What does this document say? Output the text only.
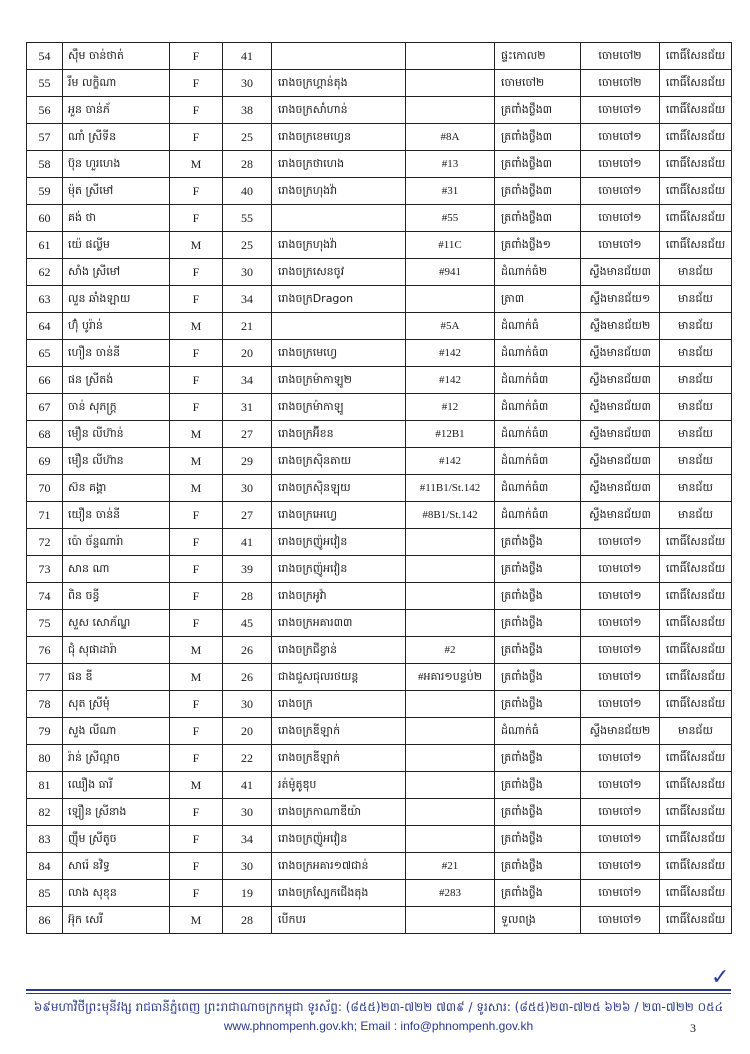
54	ស៊ឹម ចាន់ថាត់	F	41			ផ្ទះកោល២	ចោមចៅ២	ពោធិ៍សែនជ័យ
55	រឹម លក្ខិណា	F	30	រោងចក្រហ្គាន់តុង		ចោមចៅ២	ចោមចៅ២	ពោធិ៍សែនជ័យ
56	អួន ចាន់ភ័	F	38	រោងចក្រសាំហាន់		ត្រពាំងថ្លឹង៣	ចោមចៅ១	ពោធិ៍សែនជ័យ
57	ណាំ ស្រីទីន	F	25	រោងចក្រខេមហ្វេន	#8A	ត្រពាំងថ្លឹង៣	ចោមចៅ១	ពោធិ៍សែនជ័យ
58	ប៊ុន ហួរហេង	M	28	រោងចក្រថាហេង	#13	ត្រពាំងថ្លឹង៣	ចោមចៅ១	ពោធិ៍សែនជ័យ
59	ម៉ុត ស្រីមៅ	F	40	រោងចក្រហុងវ៉ា	#31	ត្រពាំងថ្លឹង៣	ចោមចៅ១	ពោធិ៍សែនជ័យ
60	គង់ ថា	F	55		#55	ត្រពាំងថ្លឹង៣	ចោមចៅ១	ពោធិ៍សែនជ័យ
61	យ៉េ ផល្លីម	M	25	រោងចក្រហុងវ៉ា	#11C	ត្រពាំងថ្លឹង១	ចោមចៅ១	ពោធិ៍សែនជ័យ
62	សាំង ស្រីមៅ	F	30	រោងចក្រសេនចូវ	#941	ដំណាក់ធំ២	ស្ទឹងមានជ័យ៣	មានជ័យ
63	លួន ឆាំងឡាយ	F	34	រោងចក្រDragon		ត្រា៣	ស្ទឹងមានជ័យ១	មានជ័យ
64	ហ៊ុំ បូរ៉ាន់	M	21		#5A	ដំណាក់ធំ	ស្ទឹងមានជ័យ២	មានជ័យ
65	ហឿន ចាន់នី	F	20	រោងចក្រមេហ្វេ	#142	ដំណាក់ធំ៣	ស្ទឹងមានជ័យ៣	មានជ័យ
66	ផន ស្រីតង់	F	34	រោងចក្រម៉ាកាឡូ២	#142	ដំណាក់ធំ៣	ស្ទឹងមានជ័យ៣	មានជ័យ
67	ចាន់ សុភក្ត្រ	F	31	រោងចក្រម៉ាកាឡូ	#12	ដំណាក់ធំ៣	ស្ទឹងមានជ័យ៣	មានជ័យ
68	មឿន លីហ៊ាន់	M	27	រោងចក្រអ៊ីខន	#12B1	ដំណាក់ធំ៣	ស្ទឹងមានជ័យ៣	មានជ័យ
69	មឿន លីហ៊ាន	M	29	រោងចក្រស៊ិនតាយ	#142	ដំណាក់ធំ៣	ស្ទឹងមានជ័យ៣	មានជ័យ
70	ស៊ន គង្គា	M	30	រោងចក្រស៊ិនឡុយ	#11B1/St.142	ដំណាក់ធំ៣	ស្ទឹងមានជ័យ៣	មានជ័យ
71	យឿន ចាន់នី	F	27	រោងចក្រអេហ្វេ	#8B1/St.142	ដំណាក់ធំ៣	ស្ទឹងមានជ័យ៣	មានជ័យ
72	ប៉ោ ច័ន្ទណារ៉ា	F	41	រោងចក្រញ៉ូអវៀន		ត្រពាំងថ្លឹង	ចោមចៅ១	ពោធិ៍សែនជ័យ
73	សាន ណា	F	39	រោងចក្រញ៉ូអវៀន		ត្រពាំងថ្លឹង	ចោមចៅ១	ពោធិ៍សែនជ័យ
74	ពិន ចន្ធី	F	28	រោងចក្រអូវ៉ា		ត្រពាំងថ្លឹង	ចោមចៅ១	ពោធិ៍សែនជ័យ
75	សួស សោភ័ណ្ឌ	F	45	រោងចក្រអគារ៣៣		ត្រពាំងថ្លឹង	ចោមចៅ១	ពោធិ៍សែនជ័យ
76	ជុំ សុផាដារ៉ា	M	26	រោងចក្រជីខ្វាន់	#2	ត្រពាំងថ្លឹង	ចោមចៅ១	ពោធិ៍សែនជ័យ
77	ផន ឌី	M	26	ជាងជួសជុលរថយន្ត	#អគារ១បន្ទប់២	ត្រពាំងថ្លឹង	ចោមចៅ១	ពោធិ៍សែនជ័យ
78	សុត ស្រីមុំ	F	30	រោងចក្រ		ត្រពាំងថ្លឹង	ចោមចៅ១	ពោធិ៍សែនជ័យ
79	សួង លីណា	F	20	រោងចក្រឌីឡាក់		ដំណាក់ធំ	ស្ទឹងមានជ័យ២	មានជ័យ
80	រ៉ាន់ ស្រីល្អាច	F	22	រោងចក្រឌីឡាក់		ត្រពាំងថ្លឹង	ចោមចៅ១	ពោធិ៍សែនជ័យ
81	ឈឿង ធារី	M	41	រត់ម៉ូតូឌុប		ត្រពាំងថ្លឹង	ចោមចៅ១	ពោធិ៍សែនជ័យ
82	ឡឿន ស្រីនាង	F	30	រោងចក្រកាណាឌីយ៉ា		ត្រពាំងថ្លឹង	ចោមចៅ១	ពោធិ៍សែនជ័យ
83	ញ៉ឹម ស្រីតូច	F	34	រោងចក្រញ៉ូអវៀន		ត្រពាំងថ្លឹង	ចោមចៅ១	ពោធិ៍សែនជ័យ
84	សារ៉េ នវិទ្ធ	F	30	រោងចក្រអគារ១៧ជាន់	#21	ត្រពាំងថ្លឹង	ចោមចៅ១	ពោធិ៍សែនជ័យ
85	លាង សុខុន	F	19	រោងចក្រស្បែកជើងតុង	#283	ត្រពាំងថ្លឹង	ចោមចៅ១	ពោធិ៍សែនជ័យ
86	អ៊ុក សេរី	M	28	បើកបរ		ទួលពង្រ	ចោមចៅ១	ពោធិ៍សែនជ័យ
✓
៦៩មហាវិថីព្រះមុនីវង្ស រាជធានីភ្នំពេញ ព្រះរាជាណាចក្រកម្ពុជា ទូរស័ព្ទ: (៨៥៥)២៣-៧២២ ៧៣៩ / ទូរសារ: (៨៥៥)២៣-៧២៥ ៦២៦ / ២៣-៧២២ ០៥៤
www.phnompenh.gov.kh; Email : info@phnompenh.gov.kh	3
